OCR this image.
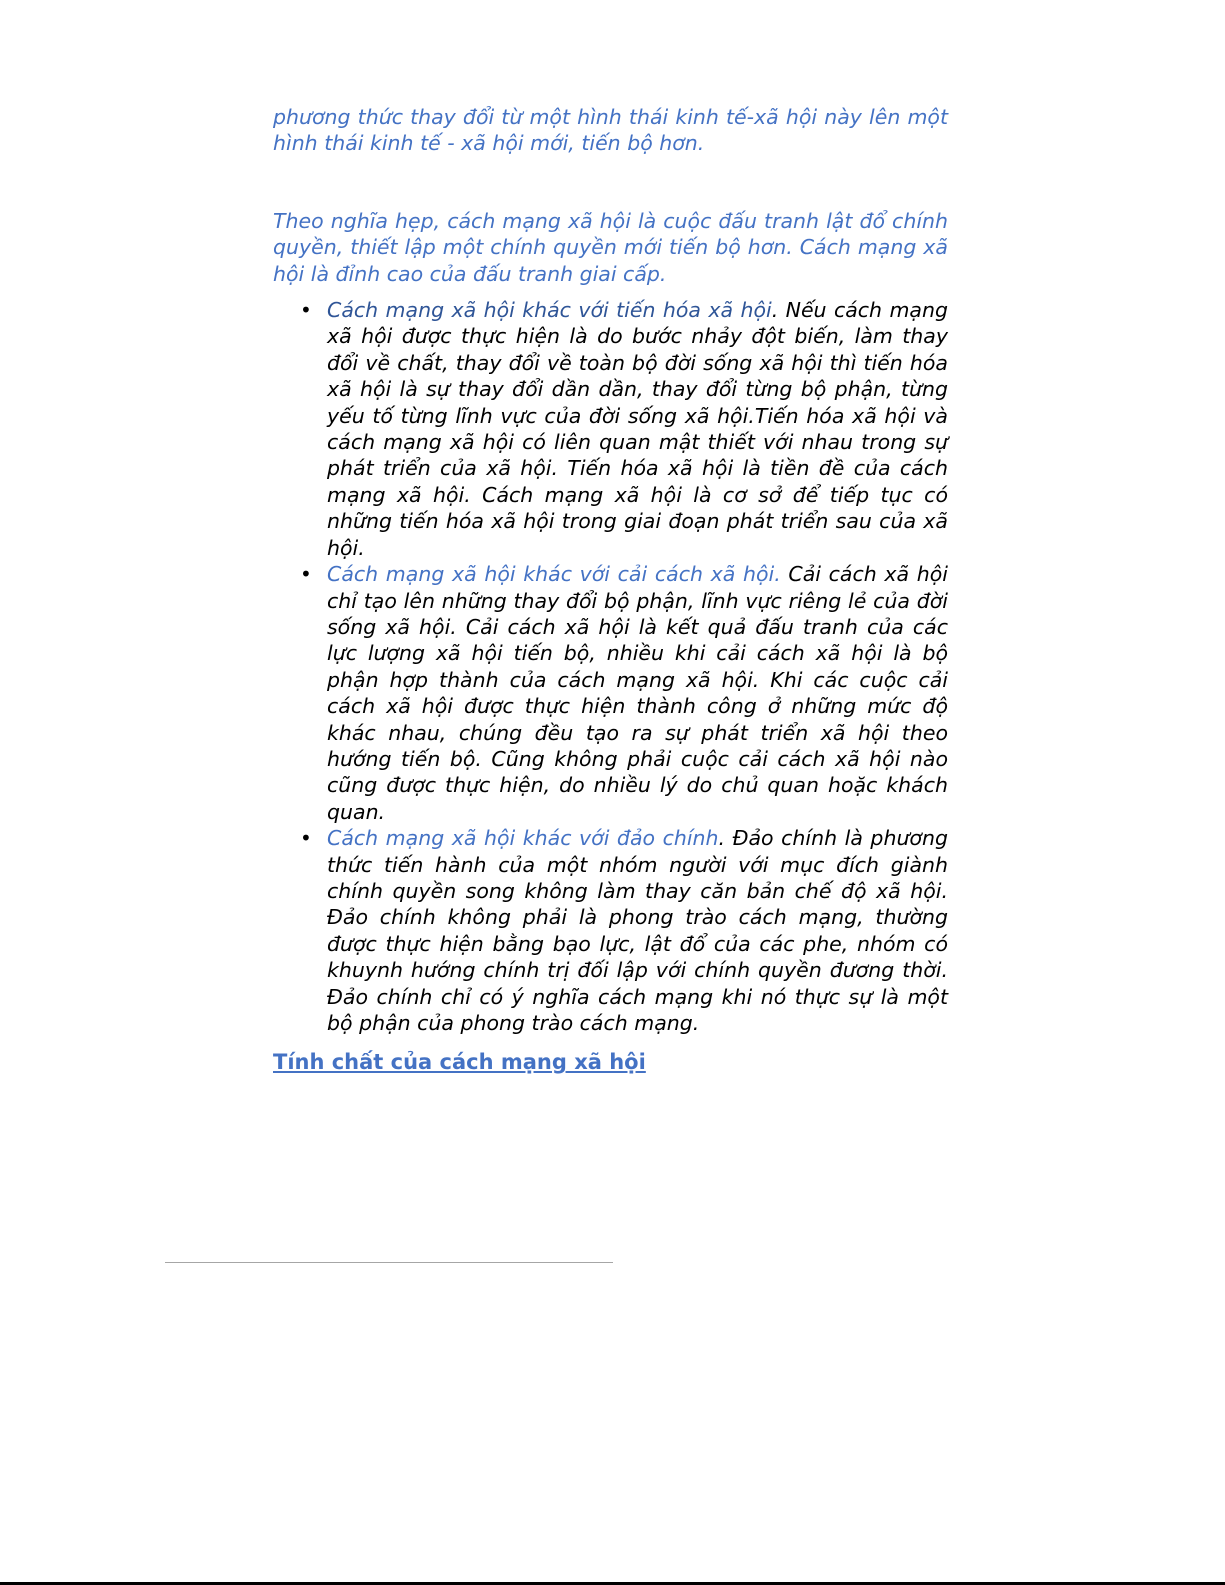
phương thức thay đổi từ một hình thái kinh tế-xã hội này lên một hình thái kinh tế - xã hội mới, tiến bộ hơn.

Theo nghĩa hẹp, cách mạng xã hội là cuộc đấu tranh lật đổ chính quyền, thiết lập một chính quyền mới tiến bộ hơn. Cách mạng xã hội là đỉnh cao của đấu tranh giai cấp.

• Cách mạng xã hội khác với tiến hóa xã hội. Nếu cách mạng xã hội được thực hiện là do bước nhảy đột biến, làm thay đổi về chất, thay đổi về toàn bộ đời sống xã hội thì tiến hóa xã hội là sự thay đổi dần dần, thay đổi từng bộ phận, từng yếu tố từng lĩnh vực của đời sống xã hội.Tiến hóa xã hội và cách mạng xã hội có liên quan mật thiết với nhau trong sự phát triển của xã hội. Tiến hóa xã hội là tiền đề của cách mạng xã hội. Cách mạng xã hội là cơ sở để tiếp tục có những tiến hóa xã hội trong giai đoạn phát triển sau của xã hội.
• Cách mạng xã hội khác với cải cách xã hội. Cải cách xã hội chỉ tạo lên những thay đổi bộ phận, lĩnh vực riêng lẻ của đời sống xã hội. Cải cách xã hội là kết quả đấu tranh của các lực lượng xã hội tiến bộ, nhiều khi cải cách xã hội là bộ phận hợp thành của cách mạng xã hội. Khi các cuộc cải cách xã hội được thực hiện thành công ở những mức độ khác nhau, chúng đều tạo ra sự phát triển xã hội theo hướng tiến bộ. Cũng không phải cuộc cải cách xã hội nào cũng được thực hiện, do nhiều lý do chủ quan hoặc khách quan.
• Cách mạng xã hội khác với đảo chính. Đảo chính là phương thức tiến hành của một nhóm người với mục đích giành chính quyền song không làm thay căn bản chế độ xã hội. Đảo chính không phải là phong trào cách mạng, thường được thực hiện bằng bạo lực, lật đổ của các phe, nhóm có khuynh hướng chính trị đối lập với chính quyền đương thời. Đảo chính chỉ có ý nghĩa cách mạng khi nó thực sự là một bộ phận của phong trào cách mạng.
Tính chất của cách mạng xã hội
